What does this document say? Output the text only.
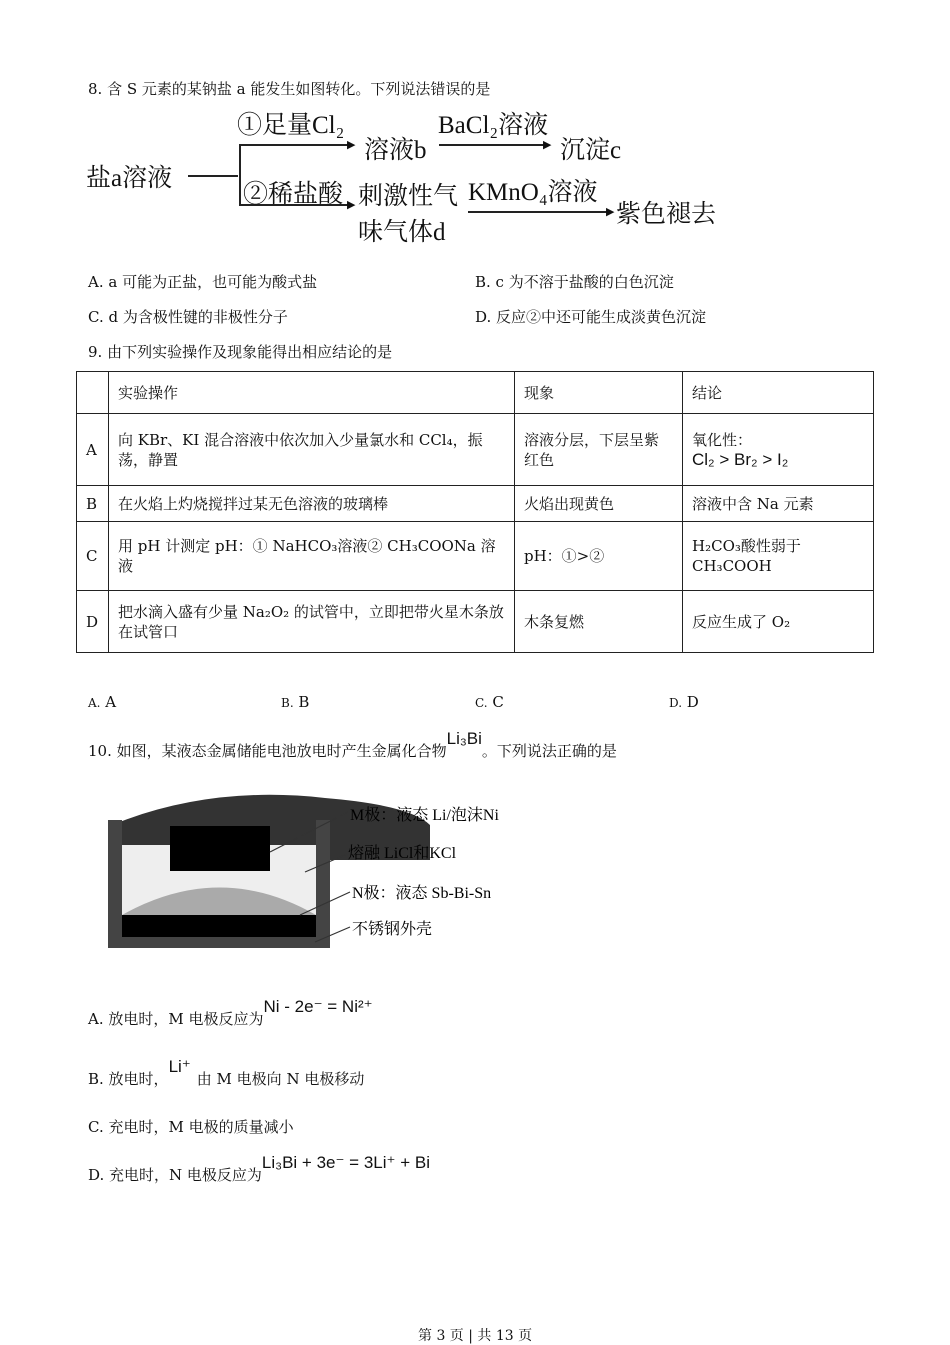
8. 含 S 元素的某钠盐 a 能发生如图转化。下列说法错误的是
盐a溶液
▶
▶
▶
▶
①足量Cl₂
溶液b
BaCl₂溶液
沉淀c
②稀盐酸 刺激性气
味气体d
KMnO₄溶液
紫色褪去
A. a 可能为正盐，也可能为酸式盐	B. c 为不溶于盐酸的白色沉淀
C. d 为含极性键的非极性分子	D. 反应②中还可能生成淡黄色沉淀
9. 由下列实验操作及现象能得出相应结论的是
	实验操作	现象	结论
A	向 KBr、KI 混合溶液中依次加入少量氯水和 CCl₄，振荡，静置	溶液分层，下层呈紫红色	氧化性：
Cl₂ > Br₂ > I₂

B	在火焰上灼烧搅拌过某无色溶液的玻璃棒	火焰出现黄色	溶液中含 Na 元素
C	用 pH 计测定 pH：① NaHCO₃溶液② CH₃COONa 溶液	pH：①>②	H₂CO₃酸性弱于CH₃COOH
D	把水滴入盛有少量 Na₂O₂ 的试管中，立即把带火星木条放在试管口	木条复燃	反应生成了 O₂
A. A	B. B	C. C	D. D
10. 如图，某液态金属储能电池放电时产生金属化合物Li₃Bi。下列说法正确的是
M极：液态 Li/泡沫Ni
熔融 LiCl和KCl
N极：液态 Sb-Bi-Sn
不锈钢外壳
A. 放电时，M 电极反应为Ni - 2e⁻ = Ni²⁺
B. 放电时，Li⁺由 M 电极向 N 电极移动
C. 充电时，M 电极的质量减小
D. 充电时，N 电极反应为Li₃Bi + 3e⁻ = 3Li⁺ + Bi
第 3 页 | 共 13 页
